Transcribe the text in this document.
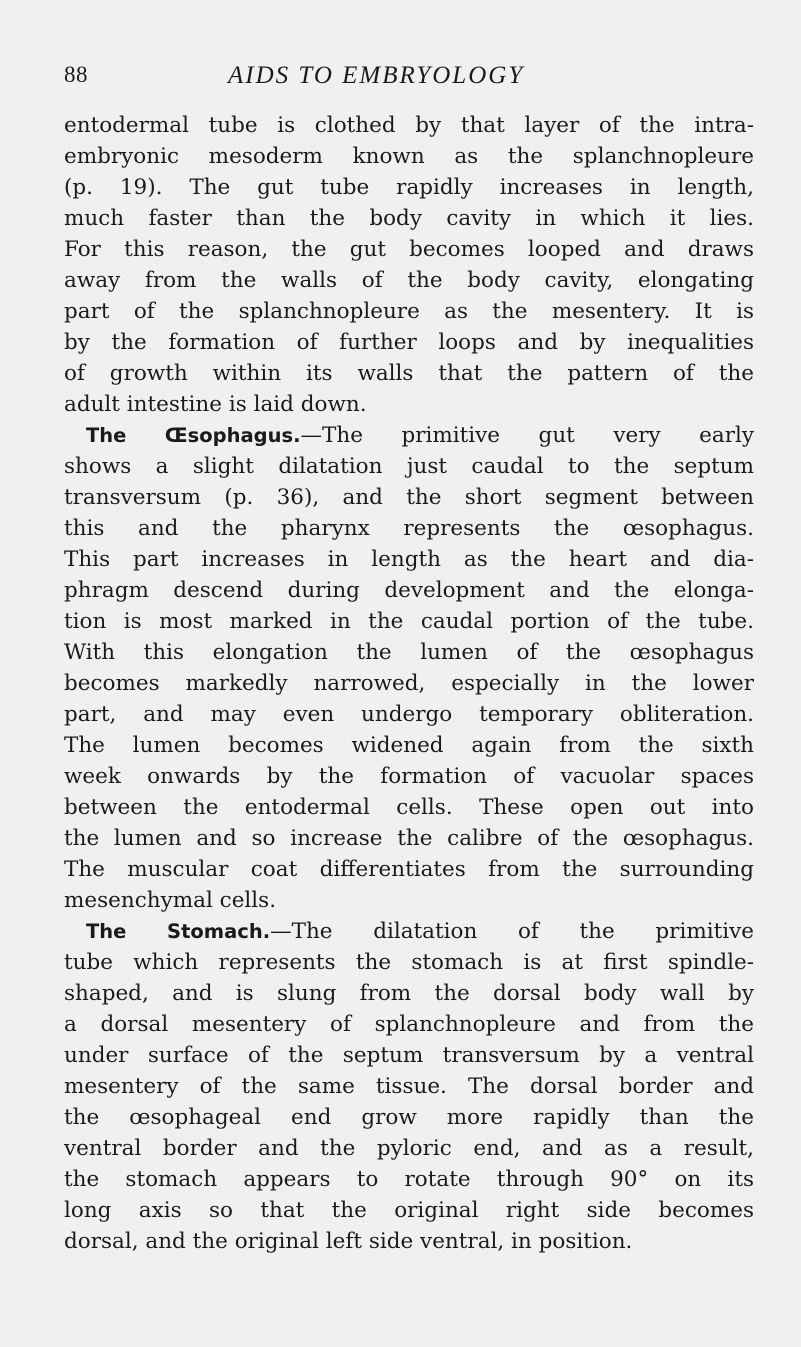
88	AIDS TO EMBRYOLOGY
entodermal tube is clothed by that layer of the intra-
embryonic mesoderm known as the splanchnopleure
(p. 19). The gut tube rapidly increases in length,
much faster than the body cavity in which it lies.
For this reason, the gut becomes looped and draws
away from the walls of the body cavity, elongating
part of the splanchnopleure as the mesentery. It is
by the formation of further loops and by inequalities
of growth within its walls that the pattern of the
adult intestine is laid down.
The Œsophagus.—The primitive gut very early
shows a slight dilatation just caudal to the septum
transversum (p. 36), and the short segment between
this and the pharynx represents the œsophagus.
This part increases in length as the heart and dia-
phragm descend during development and the elonga-
tion is most marked in the caudal portion of the tube.
With this elongation the lumen of the œsophagus
becomes markedly narrowed, especially in the lower
part, and may even undergo temporary obliteration.
The lumen becomes widened again from the sixth
week onwards by the formation of vacuolar spaces
between the entodermal cells. These open out into
the lumen and so increase the calibre of the œsophagus.
The muscular coat differentiates from the surrounding
mesenchymal cells.
The Stomach.—The dilatation of the primitive
tube which represents the stomach is at first spindle-
shaped, and is slung from the dorsal body wall by
a dorsal mesentery of splanchnopleure and from the
under surface of the septum transversum by a ventral
mesentery of the same tissue. The dorsal border and
the œsophageal end grow more rapidly than the
ventral border and the pyloric end, and as a result,
the stomach appears to rotate through 90° on its
long axis so that the original right side becomes
dorsal, and the original left side ventral, in position.
